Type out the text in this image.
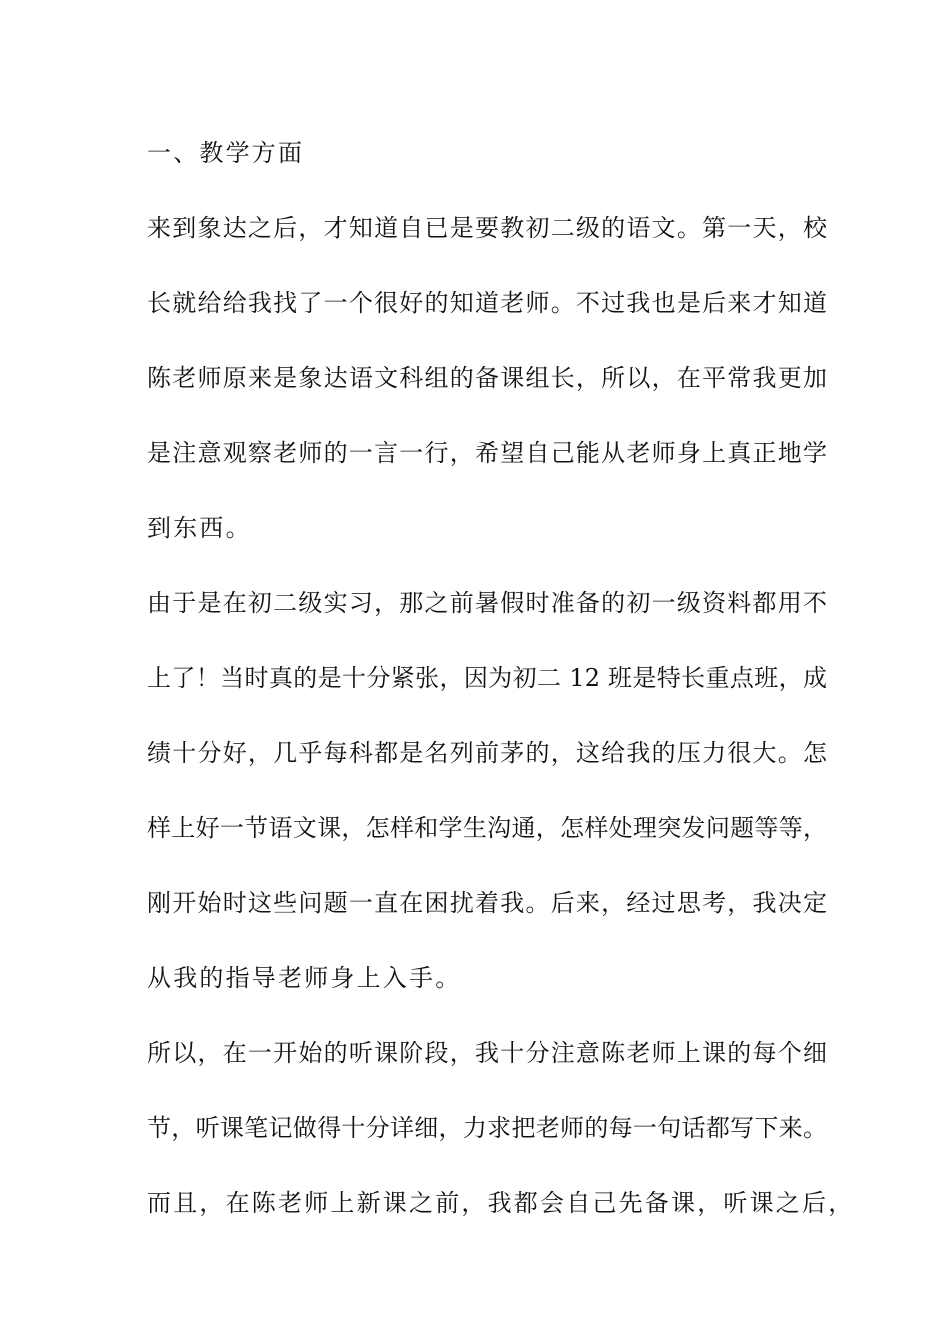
一、教学方面
来到象达之后，才知道自已是要教初二级的语文。第一天，校
长就给给我找了一个很好的知道老师。不过我也是后来才知道
陈老师原来是象达语文科组的备课组长，所以，在平常我更加
是注意观察老师的一言一行，希望自己能从老师身上真正地学
到东西。
由于是在初二级实习，那之前暑假时准备的初一级资料都用不
上了！当时真的是十分紧张，因为初二 12 班是特长重点班，成
绩十分好，几乎每科都是名列前茅的，这给我的压力很大。怎
样上好一节语文课，怎样和学生沟通，怎样处理突发问题等等，
刚开始时这些问题一直在困扰着我。后来，经过思考，我决定
从我的指导老师身上入手。
所以，在一开始的听课阶段，我十分注意陈老师上课的每个细
节，听课笔记做得十分详细，力求把老师的每一句话都写下来。
而且，在陈老师上新课之前，我都会自己先备课，听课之后，
